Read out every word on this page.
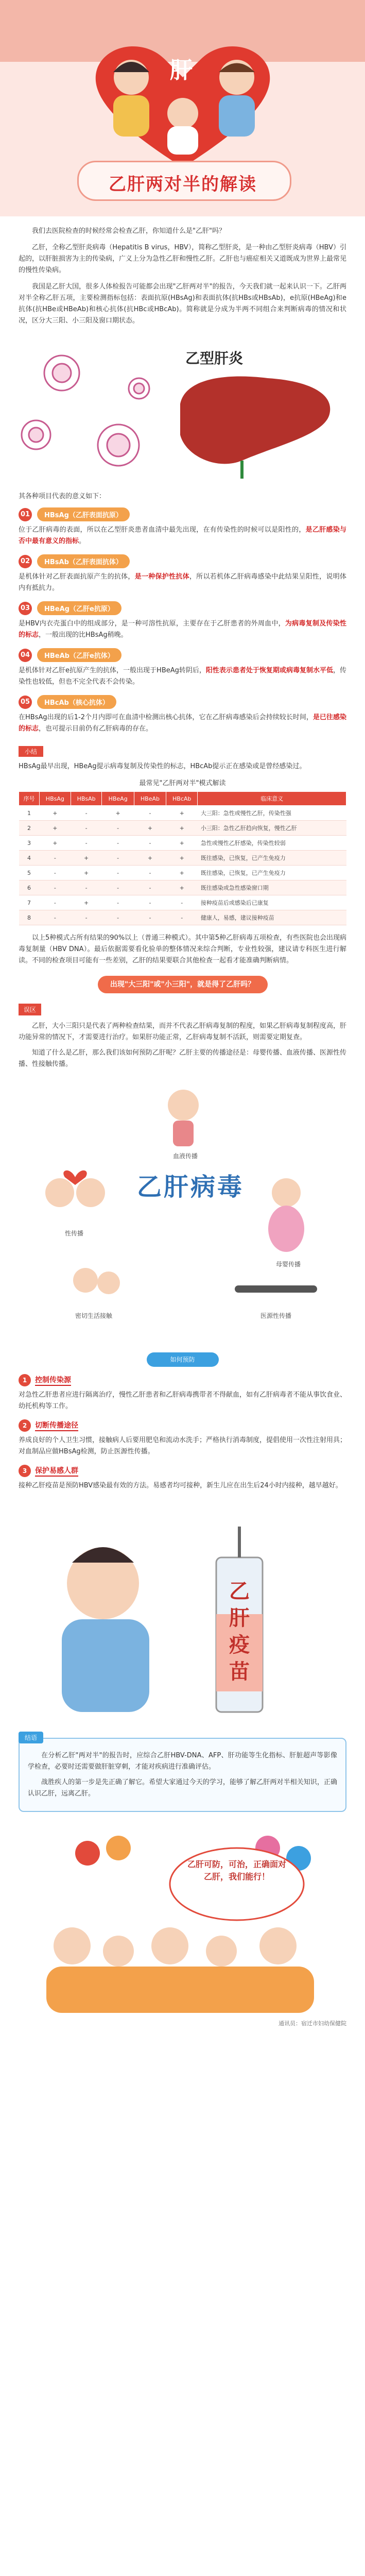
肝
乙肝两对半的解读

我们去医院检查的时候经常会检查乙肝，你知道什么是"乙肝"吗？

乙肝，全称乙型肝炎病毒（Hepatitis B virus，HBV），简称乙型肝炎，是一种由乙型肝炎病毒（HBV）引起的，以肝脏损害为主的传染病，广义上分为急性乙肝和慢性乙肝。乙肝也与癌症相关又道既成为世界上最常见的慢性传染病。

我国是乙肝大国，很多人体检报告可能都会出现"乙肝两对半"的报告，今天我们就一起来认识一下。乙肝两对半全称乙肝五项，主要检测指标包括：表面抗原(HBsAg)和表面抗体(抗HBs或HBsAb)，e抗原(HBeAg)和e抗体(抗HBe或HBeAb)和核心抗体(抗HBc或HBcAb)。简称就是分成为半两不同组合来判断病毒的情况和状况，区分大三阳、小三阳及窗口期状态。

乙型肝炎
其各种项目代表的意义如下：
01	HBsAg（乙肝表面抗原）

位于乙肝病毒的表面，所以在乙型肝炎患者血清中最先出现，在有传染性的时候可以是阳性的，是乙肝感染与否中最有意义的指标。

02	HBsAb（乙肝表面抗体）

是机体针对乙肝表面抗原产生的抗体，是一种保护性抗体，所以若机体乙肝病毒感染中此结果呈阳性，说明体内有抵抗力。

03	HBeAg（乙肝e抗原）

是HBV内衣壳蛋白中的组成部分，是一种可溶性抗原，主要存在于乙肝患者的外周血中，为病毒复制及传染性的标志，一般出现的比HBsAg稍晚。

04	HBeAb（乙肝e抗体）

是机体针对乙肝e抗原产生的抗体，一般出现于HBeAg转阴后，阳性表示患者处于恢复期或病毒复制水平低，传染性也较低，但也不完全代表不会传染。

05	HBcAb（核心抗体）

在HBsAg出现的后1-2个月内即可在血清中检测出核心抗体，它在乙肝病毒感染后会持续较长时间，是已往感染的标志，也可提示目前仍有乙肝病毒的存在。

小结

HBsAg最早出现，HBeAg提示病毒复制及传染性的标志，HBcAb提示正在感染或是曾经感染过。

最常见"乙肝两对半"模式解读
序号	HBsAg	HBsAb	HBeAg	HBeAb	HBcAb	临床意义
1	+	-	+	-	+	大三阳：急性或慢性乙肝，传染性强
2	+	-	-	+	+	小三阳：急性乙肝趋向恢复，慢性乙肝
3	+	-	-	-	+	急性或慢性乙肝感染，传染性较弱
4	-	+	-	+	+	既往感染，已恢复，已产生免疫力
5	-	+	-	-	+	既往感染，已恢复，已产生免疫力
6	-	-	-	-	+	既往感染或急性感染窗口期
7	-	+	-	-	-	接种疫苗后或感染后已康复
8	-	-	-	-	-	健康人，易感，建议接种疫苗

以上5种模式占所有结果的90%以上（普通三种模式）。其中第5种乙肝病毒五项检查，有些医院也会出现病毒复制量（HBV DNA）。最后依据需要看化验单的整体情况来综合判断，专业性较强，建议请专科医生进行解读。不同的检查项目可能有一些差别，乙肝的结果要联合其他检查一起看才能准确判断病情。

出现"大三阳"或"小三阳"，就是得了乙肝吗？
误区

乙肝，大小三阳只是代表了两种检查结果，而并不代表乙肝病毒复制的程度，如果乙肝病毒复制程度高，肝功能异常的情况下，才需要进行治疗。如果肝功能正常，乙肝病毒复制不活跃，则需要定期复查。

知道了什么是乙肝，那么我们该如何预防乙肝呢？乙肝主要的传播途径是：母婴传播、血液传播、医源性传播、性接触传播。

乙肝病毒
血液传播
性传播
母婴传播
密切生活接触	医源性传播
如何预防
1	控制传染源

对急性乙肝患者应进行隔离治疗，慢性乙肝患者和乙肝病毒携带者不得献血，如有乙肝病毒者不能从事饮食业、幼托机构等工作。

2	切断传播途径

养成良好的个人卫生习惯，接触病人后要用肥皂和流动水洗手；严格执行消毒制度，提倡使用一次性注射用具；对血制品应做HBsAg检测，防止医源性传播。

3	保护易感人群

接种乙肝疫苗是预防HBV感染最有效的方法。易感者均可接种，新生儿应在出生后24小时内接种，越早越好。

乙肝疫苗
结语

在分析乙肝"两对半"的报告时，应综合乙肝HBV-DNA、AFP、肝功能等生化指标、肝脏超声等影像学检查，必要时还需要做肝脏穿刺，才能对疾病进行准确评估。

战胜疾人的第一步是先正确了解它。希望大家通过今天的学习，能够了解乙肝两对半相关知识，正确认识乙肝，远离乙肝。

乙肝可防，可治，正确面对乙肝，我们能行！
通讯员：宿迁市妇幼保健院
